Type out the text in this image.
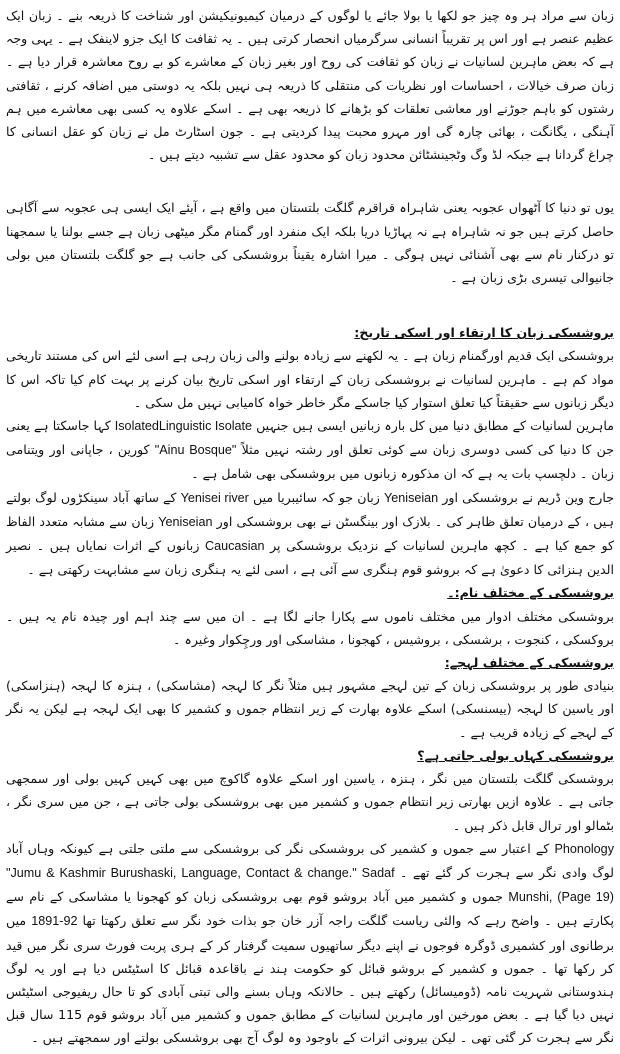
زبان سے مراد ہر وہ چیز جو لکھا یا بولا جائے یا لوگوں کے درمیان کیمیونیکیشن اور شناخت کا ذریعہ بنے ۔ زبان ایک عظیم عنصر ہے اور اس پر تقریباً انسانی سرگرمیاں انحصار کرتی ہیں ۔ یہ ثقافت کا ایک جزو لاینفک ہے ۔ یہی وجہ ہے کہ بعض ماہرین لسانیات نے زبان کو ثقافت کی روح اور بغیر زبان کے معاشرے کو بے روح معاشرہ قرار دیا ہے ۔ زبان صرف خیالات ، احساسات اور نظریات کی منتقلی کا ذریعہ ہی نہیں بلکہ یہ دوستی میں اضافہ کرنے ، ثقافتی رشتوں کو باہم جوڑنے اور معاشی تعلقات کو بڑھانے کا ذریعہ بھی ہے ۔ اسکے علاوہ یہ کسی بھی معاشرے میں ہم آہنگی ، یگانگت ، بھائی چارہ گی اور مہرو محبت پیدا کردیتی ہے ۔ جون اسٹارٹ مل نے زبان کو عقل انسانی کا چراغ گردانا ہے جبکہ لڈ وگ وٹجینشٹائن محدود زبان کو محدود عقل سے تشبیہ دیتے ہیں ۔

یوں تو دنیا کا آٹھواں عجوبہ یعنی شاہراہ قراقرم گلگت بلتستان میں واقع ہے ، آیئے ایک ایسی ہی عجوبہ سے آگاہی حاصل کرتے ہیں جو نہ شاہراہ ہے نہ پہاڑیا دریا بلکہ ایک منفرد اور گمنام مگر میٹھی زبان ہے جسے بولنا یا سمجھنا تو درکنار نام سے بھی آشنائی نہیں ہوگی ۔ میرا اشارہ یقیناً بروشسکی کی جانب ہے جو گلگت بلتستان میں بولی جانیوالی تیسری بڑی زبان ہے ۔

بروشسکی زبان کا ارتقاء اور اسکی تاریخ:

بروشسکی ایک قدیم اورگمنام زبان ہے ۔ یہ لکھنے سے زیادہ بولنے والی زبان رہی ہے اسی لئے اس کی مستند تاریخی مواد کم ہے ۔ ماہرین لسانیات نے بروشسکی زبان کے ارتقاء اور اسکی تاریخ بیان کرنے پر بہت کام کیا تاکہ اس کا دیگر زبانوں سے حقیقتاً کیا تعلق استوار کیا جاسکے مگر خاطر خواہ کامیابی نہیں مل سکی ۔

ماہرین لسانیات کے مطابق دنیا میں کل بارہ زبانیں ایسی ہیں جنہیں Linguistic IsolateIsolated کہا جاسکتا ہے یعنی جن کا دنیا کی کسی دوسری زبان سے کوئی تعلق اور رشتہ نہیں مثلاً "Ainu Bosque" کورین ، جاپانی اور ویتنامی زبان ۔ دلچسپ بات یہ ہے کہ ان مذکورہ زبانوں میں بروشسکی بھی شامل ہے ۔

جارج وین ڈریم نے بروشسکی اور Yeniseian زبان جو کہ سائیبریا میں Yenisei river کے ساتھ آباد سینکڑوں لوگ بولتے ہیں ، کے درمیان تعلق ظاہر کی ۔ بلازک اور بینگسٹن نے بھی بروشسکی اور Yeniseian زبان سے مشابہ متعدد الفاظ کو جمع کیا ہے ۔ کچھ ماہرین لسانیات کے نزدیک بروشسکی پر Caucasian زبانوں کے اثرات نمایاں ہیں ۔ نصیر الدین ہنزائی کا دعویٰ ہے کہ بروشو قوم ہنگری سے آئی ہے ، اسی لئے یہ ہنگری زبان سے مشابہت رکھتی ہے ۔

بروشسکی کے مختلف نام:۔

بروشسکی مختلف ادوار میں مختلف ناموں سے پکارا جانے لگا ہے ۔ ان میں سے چند اہم اور چیدہ نام یہ ہیں ۔ بروکسکی ، کنجوت ، برشسکی ، بروشیس ، کھجونا ، مشاسکی اور ورچِکوار وغیرہ ۔

بروشسکی کے مختلف لہجے:

بنیادی طور پر بروشسکی زبان کے تین لہجے مشہور ہیں مثلاً نگر کا لہجہ (مشاسکی) ، ہنزہ کا لہجہ (ہنزاسکی) اور یاسین کا لہجہ (ییسنسکی) اسکے علاوہ بھارت کے زیر انتظام جموں و کشمیر کا بھی ایک لہجہ ہے لیکن یہ نگر کے لہجے کے زیادہ قریب ہے ۔

بروشسکی کہاں بولی جاتی ہے؟

بروشسکی گلگت بلتستان میں نگر ، ہنزہ ، یاسین اور اسکے علاوہ گاکوچ میں بھی کہیں کہیں بولی اور سمجھی جاتی ہے ۔ علاوہ ازیں بھارتی زیر انتظام جموں و کشمیر میں بھی بروشسکی بولی جاتی ہے ، جن میں سری نگر ، بٹمالو اور ترال قابل ذکر ہیں ۔

Phonology کے اعتبار سے جموں و کشمیر کی بروشسکی نگر کی بروشسکی سے ملتی جلتی ہے کیونکہ وہاں آباد لوگ وادی نگر سے ہجرت کر گئے تھے ۔ "Jumu & Kashmir Burushaski, Language, Contact & change." Sadaf Munshi, (Page 19) جموں و کشمیر میں آباد بروشو قوم بھی بروشسکی زبان کو کھجونا یا مشاسکی کے نام سے پکارتے ہیں ۔ واضح رہے کہ والئی ریاست گلگت راجہ آزر خان جو بذات خود نگر سے تعلق رکھتا تھا 1891-92 میں برطانوی اور کشمیری ڈوگرہ فوجوں نے اپنے دیگر ساتھیوں سمیت گرفتار کر کے ہری پربت فورٹ سری نگر میں قید کر رکھا تھا ۔ جموں و کشمیر کے بروشو قبائل کو حکومت ہند نے باقاعدہ قبائل کا اسٹیٹس دیا ہے اور یہ لوگ ہندوستانی شہریت نامہ (ڈومیسائل) رکھتے ہیں ۔ حالانکہ وہاں بسنے والی تبتی آبادی کو تا حال ریفیوجی اسٹیٹس نہیں دیا گیا ہے ۔ بعض مورخین اور ماہرین لسانیات کے مطابق جموں و کشمیر میں آباد بروشو قوم 115 سال قبل نگر سے ہجرت کر گئی تھی ۔ لیکن بیرونی اثرات کے باوجود وہ لوگ آج بھی بروشسکی بولتے اور سمجھتے ہیں ۔
